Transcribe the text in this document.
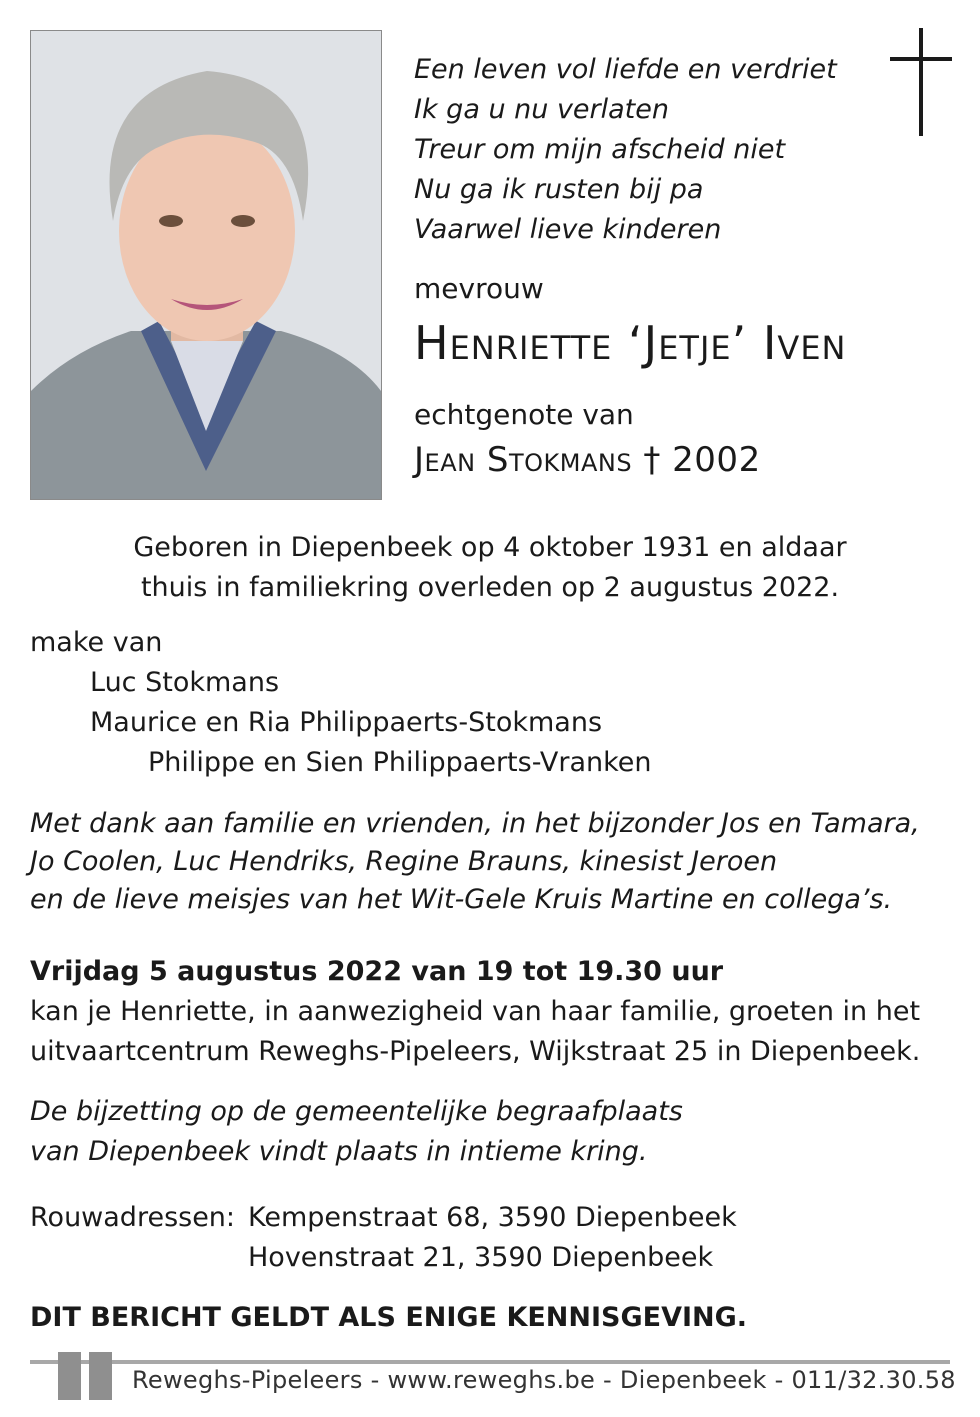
Een leven vol liefde en verdriet
Ik ga u nu verlaten
Treur om mijn afscheid niet
Nu ga ik rusten bij pa
Vaarwel lieve kinderen
mevrouw
Henriette ‘Jetje’ Iven
echtgenote van
Jean Stokmans † 2002
Geboren in Diepenbeek op 4 oktober 1931 en aldaar
thuis in familiekring overleden op 2 augustus 2022.
make van
Luc Stokmans
Maurice en Ria Philippaerts-Stokmans
Philippe en Sien Philippaerts-Vranken
Met dank aan familie en vrienden, in het bijzonder Jos en Tamara,
Jo Coolen, Luc Hendriks, Regine Brauns, kinesist Jeroen
en de lieve meisjes van het Wit-Gele Kruis Martine en collega’s.
Vrijdag 5 augustus 2022 van 19 tot 19.30 uur
kan je Henriette, in aanwezigheid van haar familie, groeten in het
uitvaartcentrum Reweghs-Pipeleers, Wijkstraat 25 in Diepenbeek.
De bijzetting op de gemeentelijke begraafplaats
van Diepenbeek vindt plaats in intieme kring.
Rouwadressen: Kempenstraat 68, 3590 Diepenbeek
Hovenstraat 21, 3590 Diepenbeek
DIT BERICHT GELDT ALS ENIGE KENNISGEVING.
Reweghs-Pipeleers - www.reweghs.be - Diepenbeek - 011/32.30.58
